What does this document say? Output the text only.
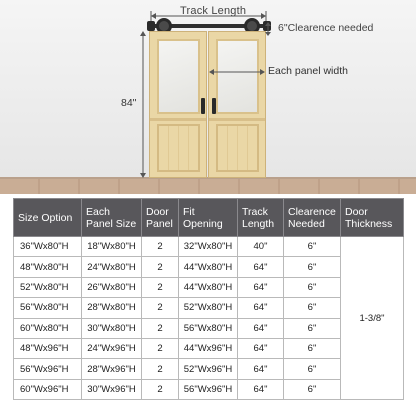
Track Length
6"Clearence needed
Each panel width
84"
Size Option	Each Panel Size	Door Panel	Fit Opening	Track Length	Clearence Needed	Door Thickness
36"Wx80"H	18"Wx80"H	2	32"Wx80"H	40"	6"	1-3/8"
48"Wx80"H	24"Wx80"H	2	44"Wx80"H	64"	6"	
52"Wx80"H	26"Wx80"H	2	44"Wx80"H	64"	6"	
56"Wx80"H	28"Wx80"H	2	52"Wx80"H	64"	6"	
60"Wx80"H	30"Wx80"H	2	56"Wx80"H	64"	6"	
48"Wx96"H	24"Wx96"H	2	44"Wx96"H	64"	6"	
56"Wx96"H	28"Wx96"H	2	52"Wx96"H	64"	6"	
60"Wx96"H	30"Wx96"H	2	56"Wx96"H	64"	6"	
